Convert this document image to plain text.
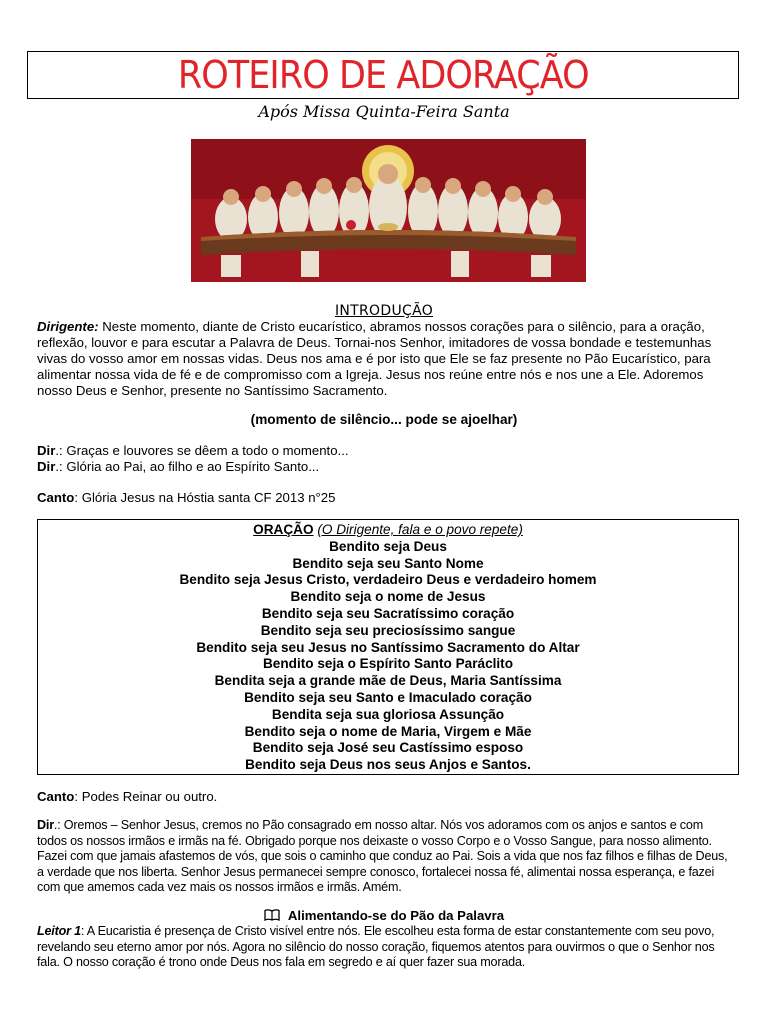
ROTEIRO DE ADORAÇÃO
Após Missa Quinta-Feira Santa
INTRODUÇÃO
Dirigente: Neste momento, diante de Cristo eucarístico, abramos nossos corações para o silêncio, para a oração, reflexão, louvor e para escutar a Palavra de Deus. Tornai-nos Senhor, imitadores de vossa bondade e testemunhas vivas do vosso amor em nossas vidas. Deus nos ama e é por isto que Ele se faz presente no Pão Eucarístico, para alimentar nossa vida de fé e de compromisso com a Igreja. Jesus nos reúne entre nós e nos une a Ele. Adoremos nosso Deus e Senhor, presente no Santíssimo Sacramento.
(momento de silêncio... pode se ajoelhar)
Dir.: Graças e louvores se dêem a todo o momento...
Dir.: Glória ao Pai, ao filho e ao Espírito Santo...
Canto: Glória Jesus na Hóstia santa CF 2013 n°25
ORAÇÃO (O Dirigente, fala e o povo repete)
Bendito seja Deus
Bendito seja seu Santo Nome
Bendito seja Jesus Cristo, verdadeiro Deus e verdadeiro homem
Bendito seja o nome de Jesus
Bendito seja seu Sacratíssimo coração
Bendito seja seu preciosíssimo sangue
Bendito seja seu Jesus no Santíssimo Sacramento do Altar
Bendito seja o Espírito Santo Paráclito
Bendita seja a grande mãe de Deus, Maria Santíssima
Bendito seja seu Santo e Imaculado coração
Bendita seja sua gloriosa Assunção
Bendito seja o nome de Maria, Virgem e Mãe
Bendito seja José seu Castíssimo esposo
Bendito seja Deus nos seus Anjos e Santos.
Canto: Podes Reinar ou outro.
Dir.: Oremos – Senhor Jesus, cremos no Pão consagrado em nosso altar. Nós vos adoramos com os anjos e santos e com todos os nossos irmãos e irmãs na fé. Obrigado porque nos deixaste o vosso Corpo e o Vosso Sangue, para nosso alimento. Fazei com que jamais afastemos de vós, que sois o caminho que conduz ao Pai. Sois a vida que nos faz filhos e filhas de Deus, a verdade que nos liberta. Senhor Jesus permanecei sempre conosco, fortalecei nossa fé, alimentai nossa esperança, e fazei com que amemos cada vez mais os nossos irmãos e irmãs. Amém.
Alimentando-se do Pão da Palavra
Leitor 1: A Eucaristia é presença de Cristo visível entre nós. Ele escolheu esta forma de estar constantemente com seu povo, revelando seu eterno amor por nós. Agora no silêncio do nosso coração, fiquemos atentos para ouvirmos o que o Senhor nos fala. O nosso coração é trono onde Deus nos fala em segredo e aí quer fazer sua morada.
